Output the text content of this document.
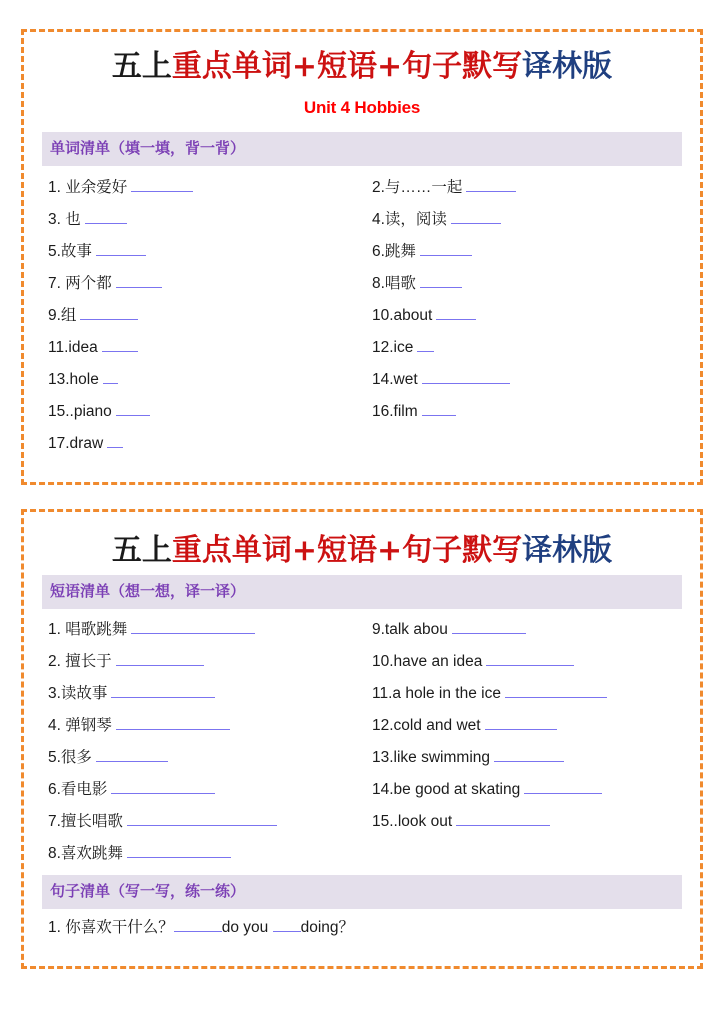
五上重点单词+短语+句子默写译林版
Unit 4 Hobbies
单词清单（填一填，背一背）
1. 业余爱好	2.与……一起
3. 也	4.读，阅读
5.故事	6.跳舞
7. 两个都	8.唱歌
9.组	10.about
11.idea	12.ice
13.hole	14.wet
15..piano	16.film
17.draw
五上重点单词+短语+句子默写译林版
短语清单（想一想，译一译）
1. 唱歌跳舞	9.talk abou
2. 擅长于	10.have an idea
3.读故事	11.a hole in the ice
4. 弹钢琴	12.cold and wet
5.很多	13.like swimming
6.看电影	14.be good at skating
7.擅长唱歌	15..look out
8.喜欢跳舞

句子清单（写一写，练一练）
1. 你喜欢干什么？	do you doing？
